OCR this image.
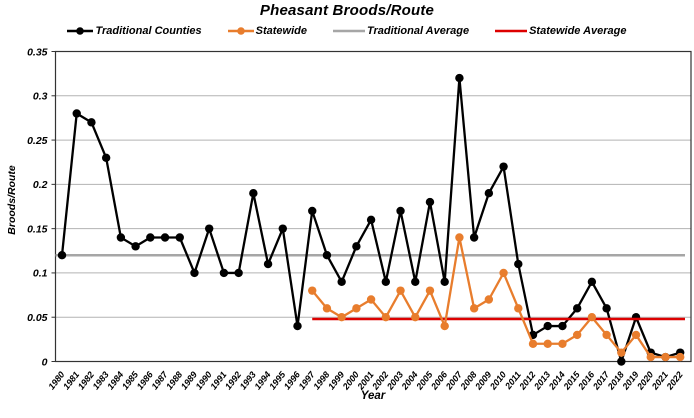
Pheasant Broods/Route
Traditional Counties	Statewide	Traditional Average	Statewide Average
0
0.05
0.1
0.15
0.2
0.25
0.3
0.35
1980
1981
1982
1983
1984
1985
1986
1987
1988
1989
1990
1991
1992
1993
1994
1995
1996
1997
1998
1999
2000
2001
2002
2003
2004
2005
2006
2007
2008
2009
2010
2011
2012
2013
2014
2015
2016
2017
2018
2019
2020
2021
2022
Broods/Route
Year
